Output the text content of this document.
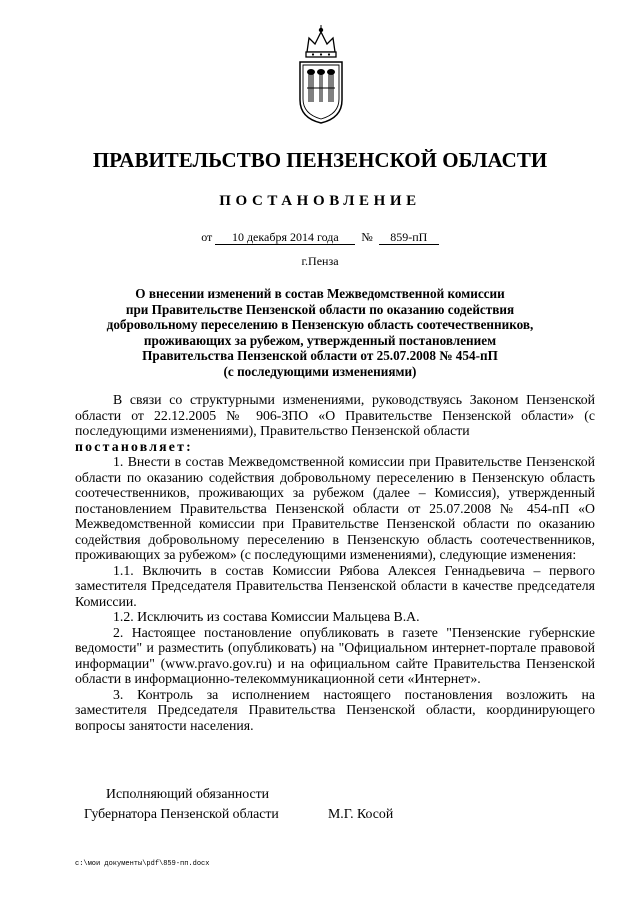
ПРАВИТЕЛЬСТВО ПЕНЗЕНСКОЙ ОБЛАСТИ
ПОСТАНОВЛЕНИЕ
от 10 декабря 2014 года № 859-пП
г.Пенза
О внесении изменений в состав Межведомственной комиссии
при Правительстве Пензенской области по оказанию содействия
добровольному переселению в Пензенскую область соотечественников,
проживающих за рубежом, утвержденный постановлением
Правительства Пензенской области от 25.07.2008 № 454-пП
(с последующими изменениями)

В связи со структурными изменениями, руководствуясь Законом Пензенской области от 22.12.2005 № 906-ЗПО «О Правительстве Пензенской области» (с последующими изменениями), Правительство Пензенской области

постановляет:

1. Внести в состав Межведомственной комиссии при Правительстве Пензенской области по оказанию содействия добровольному переселению в Пензенскую область соотечественников, проживающих за рубежом (далее – Комиссия), утвержденный постановлением Правительства Пензенской области от 25.07.2008 № 454-пП «О Межведомственной комиссии при Правительстве Пензенской области по оказанию содействия добровольному переселению в Пензенскую область соотечественников, проживающих за рубежом» (с последующими изменениями), следующие изменения:

1.1. Включить в состав Комиссии Рябова Алексея Геннадьевича – первого заместителя Председателя Правительства Пензенской области в качестве председателя Комиссии.

1.2. Исключить из состава Комиссии Мальцева В.А.

2. Настоящее постановление опубликовать в газете "Пензенские губернские ведомости" и разместить (опубликовать) на "Официальном интернет-портале правовой информации" (www.pravo.gov.ru) и на официальном сайте Правительства Пензенской области в информационно-телекоммуникационной сети «Интернет».

3. Контроль за исполнением настоящего постановления возложить на заместителя Председателя Правительства Пензенской области, координирующего вопросы занятости населения.

Исполняющий обязанности
Губернатора Пензенской области	М.Г. Косой
c:\мои документы\pdf\859-пп.docx
